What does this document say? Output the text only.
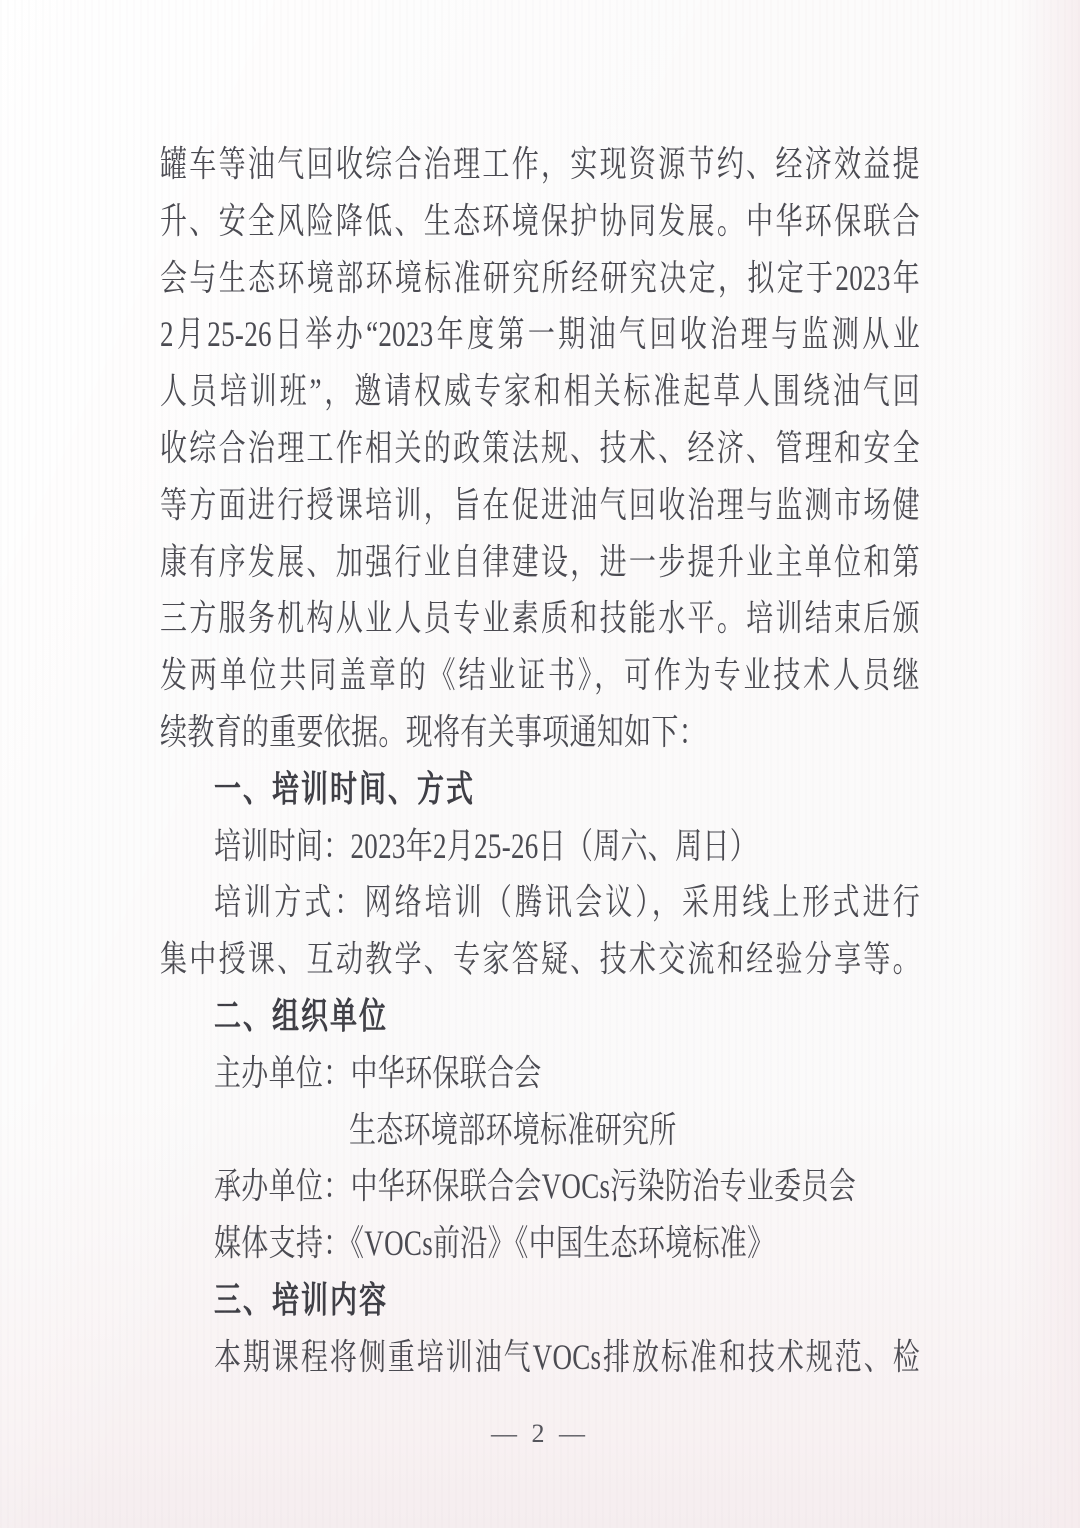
罐车等油气回收综合治理工作，实现资源节约、经济效益提
升、安全风险降低、生态环境保护协同发展。中华环保联合
会与生态环境部环境标准研究所经研究决定，拟定于2023年
2月25-26日举办“2023年度第一期油气回收治理与监测从业
人员培训班”，邀请权威专家和相关标准起草人围绕油气回
收综合治理工作相关的政策法规、技术、经济、管理和安全
等方面进行授课培训，旨在促进油气回收治理与监测市场健
康有序发展、加强行业自律建设，进一步提升业主单位和第
三方服务机构从业人员专业素质和技能水平。培训结束后颁
发两单位共同盖章的《结业证书》，可作为专业技术人员继
续教育的重要依据。现将有关事项通知如下：
一、培训时间、方式
培训时间：2023年2月25-26日（周六、周日）
培训方式：网络培训（腾讯会议），采用线上形式进行
集中授课、互动教学、专家答疑、技术交流和经验分享等。
二、组织单位
主办单位：中华环保联合会
生态环境部环境标准研究所
承办单位：中华环保联合会VOCs污染防治专业委员会
媒体支持：《VOCs前沿》《中国生态环境标准》
三、培训内容
本期课程将侧重培训油气VOCs排放标准和技术规范、检
— 2 —
